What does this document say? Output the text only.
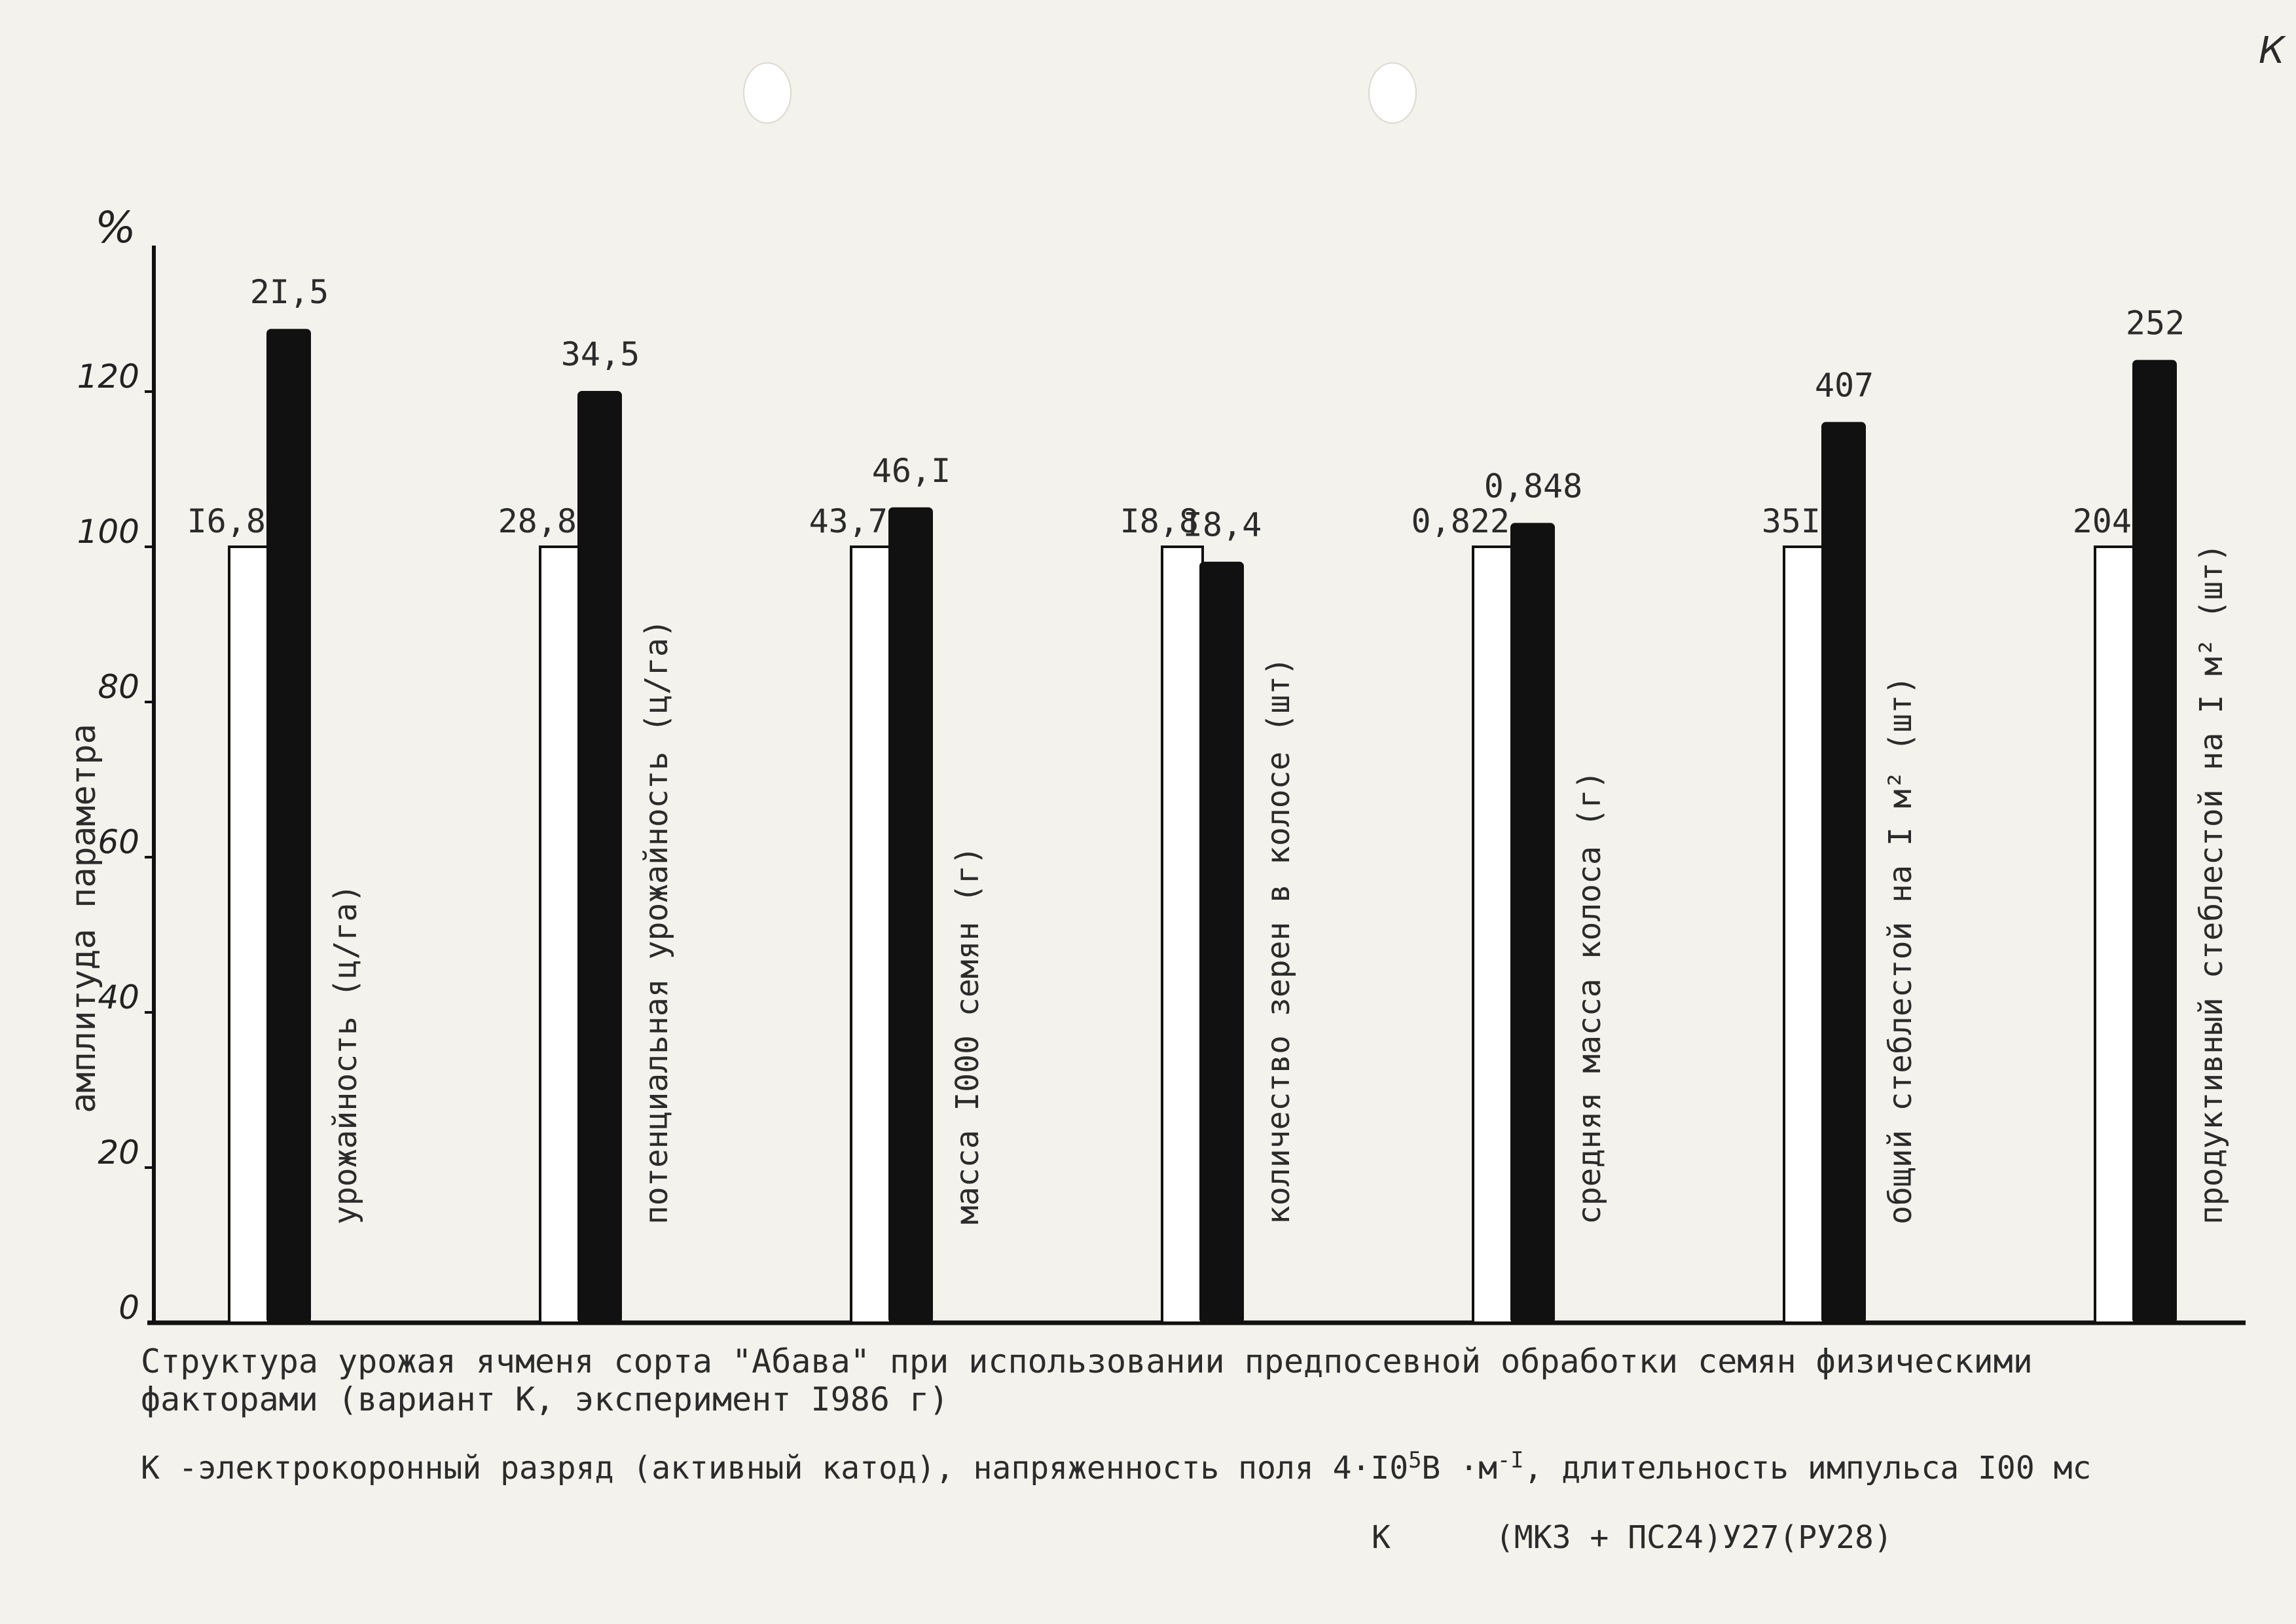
К
0
20
40
60
80
100
120
%
амплитуда параметра
I6,8
2I,5
урожайность (ц/га)
28,8
34,5
потенциальная урожайность (ц/га)
43,7
46,I
масса I000 семян (г)
I8,8
I8,4
количество зерен в колосе (шт)
0,822
0,848
средняя масса колоса (г)
35I
407
общий стеблестой на I м² (шт)
204
252
продуктивный стеблестой на I м² (шт)

Структура урожая ячменя сорта "Абава" при использовании предпосевной обработки семян физическими факторами (вариант К, эксперимент I986 г)

К -электрокоронный разряд (активный катод), напряженность поля $4\cdot I0^5В \cdot м^{-I}$, длительность импульса I00 мс

К	(МКЗ + ПС24)У27(РУ28)
